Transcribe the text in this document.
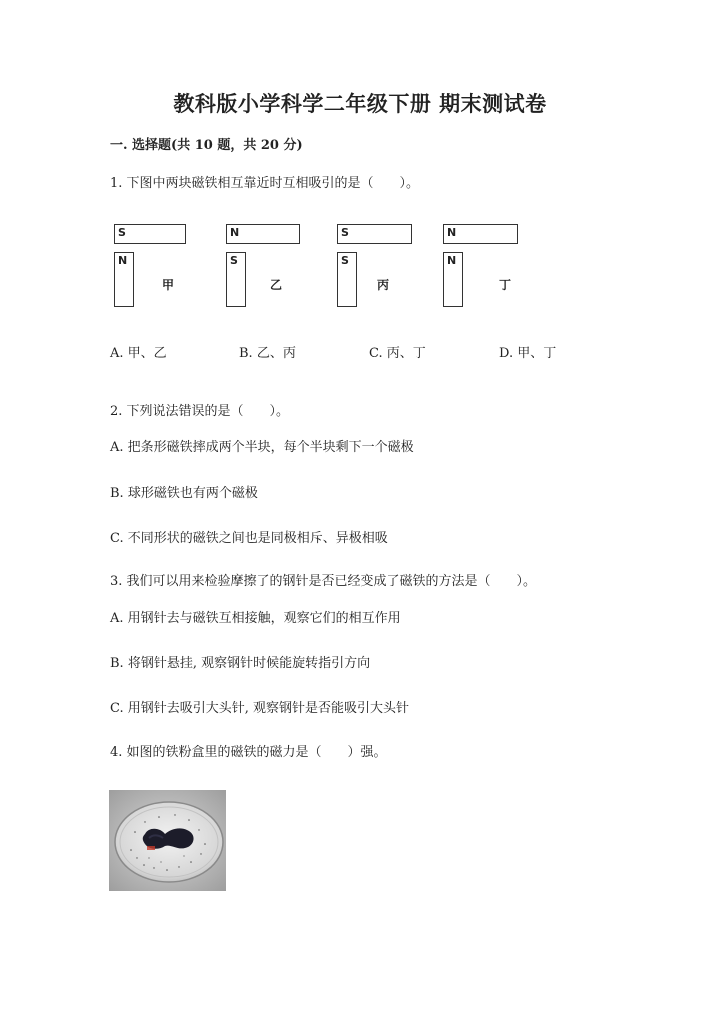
教科版小学科学二年级下册 期末测试卷
一. 选择题(共 10 题，共 20 分)
1. 下图中两块磁铁相互靠近时互相吸引的是（　　）。
S
N
甲
N
S
乙
S
S
丙
N
N
丁
A. 甲、乙	B. 乙、丙	C. 丙、丁	D. 甲、丁
2. 下列说法错误的是（　　）。
A. 把条形磁铁摔成两个半块，每个半块剩下一个磁极
B. 球形磁铁也有两个磁极
C. 不同形状的磁铁之间也是同极相斥、异极相吸
3. 我们可以用来检验摩擦了的钢针是否已经变成了磁铁的方法是（　　）。
A. 用钢针去与磁铁互相接触，观察它们的相互作用
B. 将钢针悬挂, 观察钢针时候能旋转指引方向
C. 用钢针去吸引大头针, 观察钢针是否能吸引大头针
4. 如图的铁粉盒里的磁铁的磁力是（　　）强。
